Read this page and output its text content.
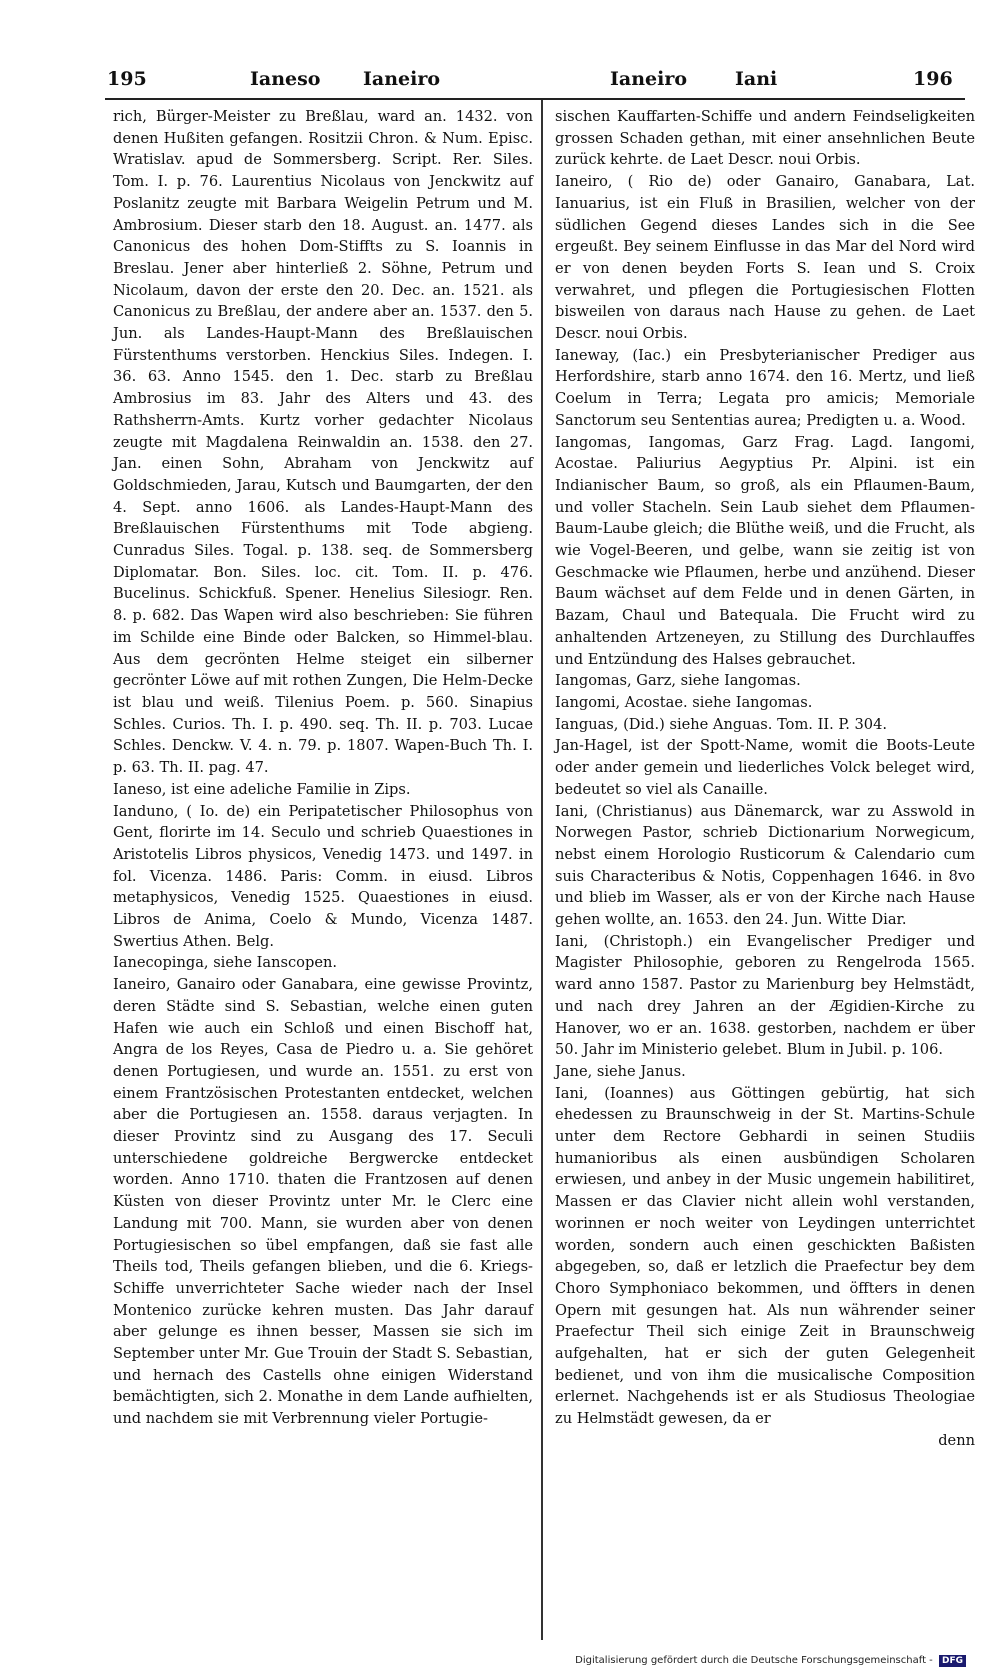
195	Ianeso Ianeiro	Ianeiro	Iani	196

rich, Bürger-Meister zu Breßlau, ward an. 1432. von denen Hußiten gefangen. Rositzii Chron. & Num. Episc. Wratislav. apud de Sommersberg. Script. Rer. Siles. Tom. I. p. 76. Laurentius Nicolaus von Jenckwitz auf Poslanitz zeugte mit Barbara Weigelin Petrum und M. Ambrosium. Dieser starb den 18. August. an. 1477. als Canonicus des hohen Dom-Stiffts zu S. Ioannis in Breslau. Jener aber hinterließ 2. Söhne, Petrum und Nicolaum, davon der erste den 20. Dec. an. 1521. als Canonicus zu Breßlau, der andere aber an. 1537. den 5. Jun. als Landes-Haupt-Mann des Breßlauischen Fürstenthums verstorben. Henckius Siles. Indegen. I. 36. 63. Anno 1545. den 1. Dec. starb zu Breßlau Ambrosius im 83. Jahr des Alters und 43. des Rathsherrn-Amts. Kurtz vorher gedachter Nicolaus zeugte mit Magdalena Reinwaldin an. 1538. den 27. Jan. einen Sohn, Abraham von Jenckwitz auf Goldschmieden, Jarau, Kutsch und Baumgarten, der den 4. Sept. anno 1606. als Landes-Haupt-Mann des Breßlauischen Fürstenthums mit Tode abgieng. Cunradus Siles. Togal. p. 138. seq. de Sommersberg Diplomatar. Bon. Siles. loc. cit. Tom. II. p. 476. Bucelinus. Schickfuß. Spener. Henelius Silesiogr. Ren. 8. p. 682. Das Wapen wird also beschrieben: Sie führen im Schilde eine Binde oder Balcken, so Himmel-blau. Aus dem gecrönten Helme steiget ein silberner gecrönter Löwe auf mit rothen Zungen, Die Helm-Decke ist blau und weiß. Tilenius Poem. p. 560. Sinapius Schles. Curios. Th. I. p. 490. seq. Th. II. p. 703. Lucae Schles. Denckw. V. 4. n. 79. p. 1807. Wapen-Buch Th. I. p. 63. Th. II. pag. 47.

Ianeso, ist eine adeliche Familie in Zips.

Ianduno, ( Io. de) ein Peripatetischer Philosophus von Gent, florirte im 14. Seculo und schrieb Quaestiones in Aristotelis Libros physicos, Venedig 1473. und 1497. in fol. Vicenza. 1486. Paris: Comm. in eiusd. Libros metaphysicos, Venedig 1525. Quaestiones in eiusd. Libros de Anima, Coelo & Mundo, Vicenza 1487. Swertius Athen. Belg.

Ianecopinga, siehe Ianscopen.

Ianeiro, Ganairo oder Ganabara, eine gewisse Provintz, deren Städte sind S. Sebastian, welche einen guten Hafen wie auch ein Schloß und einen Bischoff hat, Angra de los Reyes, Casa de Piedro u. a. Sie gehöret denen Portugiesen, und wurde an. 1551. zu erst von einem Frantzösischen Protestanten entdecket, welchen aber die Portugiesen an. 1558. daraus verjagten. In dieser Provintz sind zu Ausgang des 17. Seculi unterschiedene goldreiche Bergwercke entdecket worden. Anno 1710. thaten die Frantzosen auf denen Küsten von dieser Provintz unter Mr. le Clerc eine Landung mit 700. Mann, sie wurden aber von denen Portugiesischen so übel empfangen, daß sie fast alle Theils tod, Theils gefangen blieben, und die 6. Kriegs-Schiffe unverrichteter Sache wieder nach der Insel Montenico zurücke kehren musten. Das Jahr darauf aber gelunge es ihnen besser, Massen sie sich im September unter Mr. Gue Trouin der Stadt S. Sebastian, und hernach des Castells ohne einigen Widerstand bemächtigten, sich 2. Monathe in dem Lande aufhielten, und nachdem sie mit Verbrennung vieler Portugie-

sischen Kauffarten-Schiffe und andern Feindseligkeiten grossen Schaden gethan, mit einer ansehnlichen Beute zurück kehrte. de Laet Descr. noui Orbis.

Ianeiro, ( Rio de) oder Ganairo, Ganabara, Lat. Ianuarius, ist ein Fluß in Brasilien, welcher von der südlichen Gegend dieses Landes sich in die See ergeußt. Bey seinem Einflusse in das Mar del Nord wird er von denen beyden Forts S. Iean und S. Croix verwahret, und pflegen die Portugiesischen Flotten bisweilen von daraus nach Hause zu gehen. de Laet Descr. noui Orbis.

Ianeway, (Iac.) ein Presbyterianischer Prediger aus Herfordshire, starb anno 1674. den 16. Mertz, und ließ Coelum in Terra; Legata pro amicis; Memoriale Sanctorum seu Sententias aurea; Predigten u. a. Wood.

Iangomas, Iangomas, Garz Frag. Lagd. Iangomi, Acostae. Paliurius Aegyptius Pr. Alpini. ist ein Indianischer Baum, so groß, als ein Pflaumen-Baum, und voller Stacheln. Sein Laub siehet dem Pflaumen-Baum-Laube gleich; die Blüthe weiß, und die Frucht, als wie Vogel-Beeren, und gelbe, wann sie zeitig ist von Geschmacke wie Pflaumen, herbe und anzühend. Dieser Baum wächset auf dem Felde und in denen Gärten, in Bazam, Chaul und Batequala. Die Frucht wird zu anhaltenden Artzeneyen, zu Stillung des Durchlauffes und Entzündung des Halses gebrauchet.

Iangomas, Garz, siehe Iangomas.

Iangomi, Acostae. siehe Iangomas.

Ianguas, (Did.) siehe Anguas. Tom. II. P. 304.

Jan-Hagel, ist der Spott-Name, womit die Boots-Leute oder ander gemein und liederliches Volck beleget wird, bedeutet so viel als Canaille.

Iani, (Christianus) aus Dänemarck, war zu Asswold in Norwegen Pastor, schrieb Dictionarium Norwegicum, nebst einem Horologio Rusticorum & Calendario cum suis Characteribus & Notis, Coppenhagen 1646. in 8vo und blieb im Wasser, als er von der Kirche nach Hause gehen wollte, an. 1653. den 24. Jun. Witte Diar.

Iani, (Christoph.) ein Evangelischer Prediger und Magister Philosophie, geboren zu Rengelroda 1565. ward anno 1587. Pastor zu Marienburg bey Helmstädt, und nach drey Jahren an der Ægidien-Kirche zu Hanover, wo er an. 1638. gestorben, nachdem er über 50. Jahr im Ministerio gelebet. Blum in Jubil. p. 106.

Jane, siehe Janus.

Iani, (Ioannes) aus Göttingen gebürtig, hat sich ehedessen zu Braunschweig in der St. Martins-Schule unter dem Rectore Gebhardi in seinen Studiis humanioribus als einen ausbündigen Scholaren erwiesen, und anbey in der Music ungemein habilitiret, Massen er das Clavier nicht allein wohl verstanden, worinnen er noch weiter von Leydingen unterrichtet worden, sondern auch einen geschickten Baßisten abgegeben, so, daß er letzlich die Praefectur bey dem Choro Symphoniaco bekommen, und öffters in denen Opern mit gesungen hat. Als nun währender seiner Praefectur Theil sich einige Zeit in Braunschweig aufgehalten, hat er sich der guten Gelegenheit bedienet, und von ihm die musicalische Composition erlernet. Nachgehends ist er als Studiosus Theologiae zu Helmstädt gewesen, da er

denn

Digitalisierung gefördert durch die Deutsche Forschungsgemeinschaft - DFG
